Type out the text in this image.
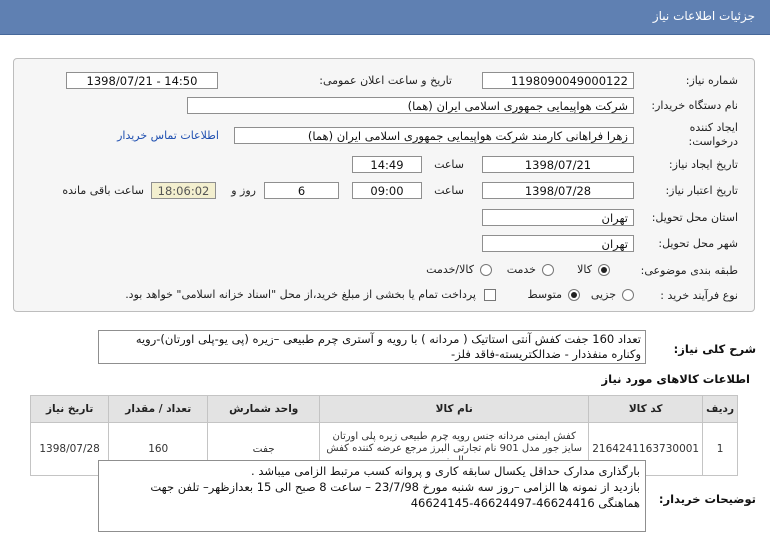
جزئیات اطلاعات نیاز
شماره نیاز:
1198090049000122
تاریخ و ساعت اعلان عمومی:
1398/07/21 - 14:50
نام دستگاه خریدار:
شرکت هواپیمایی جمهوری اسلامی ایران (هما)
ایجاد کننده
درخواست:
زهرا فراهانی کارمند شرکت هواپیمایی جمهوری اسلامی ایران (هما)
اطلاعات تماس خریدار
تاریخ ایجاد نیاز:
1398/07/21
ساعت
14:49
تاریخ اعتبار نیاز:
1398/07/28
ساعت
09:00
6
روز و
18:06:02
ساعت باقی مانده
استان محل تحویل:
تهران
شهر محل تحویل:
تهران
طبقه بندی موضوعی:
کالا
خدمت
کالا/خدمت
نوع فرآیند خرید :
جزیی
متوسط
پرداخت تمام یا بخشی از مبلغ خرید،از محل "اسناد خزانه اسلامی" خواهد بود.
شرح کلی نیاز:
تعداد 160 جفت کفش آنتی استاتیک ( مردانه ) با رویه و آستری چرم طبیعی –زیره (پی یو-پلی اورتان)-رویه
وکناره منفذدار - ضدالکتریسته-فاقد فلز-
اطلاعات کالاهای مورد نیاز
ردیف	کد کالا	نام کالا	واحد شمارش	تعداد / مقدار	تاریخ نیاز
1	2164241163730001	کفش ایمنی مردانه جنس رویه چرم طبیعی زیره پلی اورتان
سایز جور مدل 901 نام تجارتی البرز مرجع عرضه کننده کفش	جفت	160	1398/07/28
توضیحات خریدار:
بارگذاری مدارک حداقل یکسال سابقه کاری و پروانه کسب مرتبط الزامی میباشد .
بازدید از نمونه ها الزامی –روز سه شنبه مورخ 23/7/98 – ساعت 8 صبح الی 15 بعدازظهر– تلفن جهت
هماهنگی 46624416-46624497-46624145
